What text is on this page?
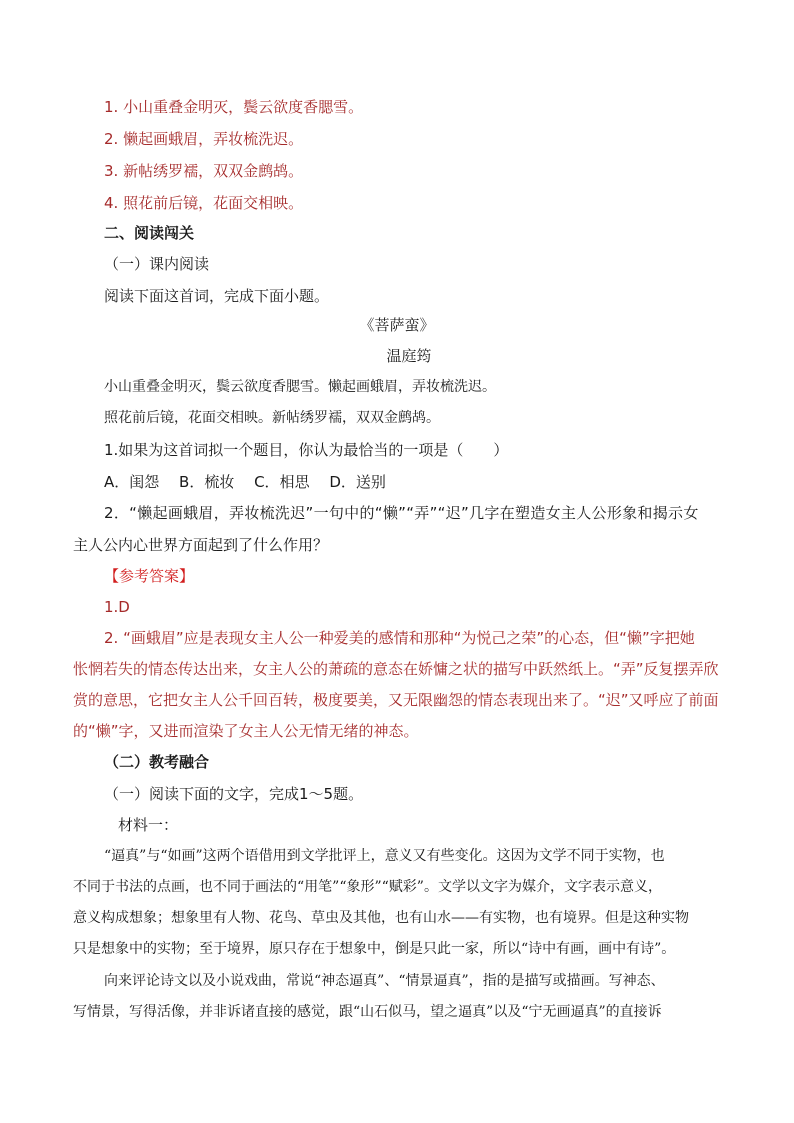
1. 小山重叠金明灭，鬓云欲度香腮雪。
2. 懒起画蛾眉，弄妆梳洗迟。
3. 新帖绣罗襦，双双金鹧鸪。
4. 照花前后镜，花面交相映。
二、阅读闯关
（一）课内阅读
阅读下面这首词，完成下面小题。
《菩萨蛮》
温庭筠
小山重叠金明灭，鬓云欲度香腮雪。懒起画蛾眉，弄妆梳洗迟。
照花前后镜，花面交相映。新帖绣罗襦，双双金鹧鸪。
1.如果为这首词拟一个题目，你认为最恰当的一项是（　　）
A．闺怨　 B．梳妆　 C．相思　 D．送别
2．“懒起画蛾眉，弄妆梳洗迟”一句中的“懒”“弄”“迟”几字在塑造女主人公形象和揭示女
主人公内心世界方面起到了什么作用？
【参考答案】
1.D
2. “画蛾眉”应是表现女主人公一种爱美的感情和那种“为悦己之荣”的心态，但“懒”字把她
怅惘若失的情态传达出来，女主人公的萧疏的意态在娇慵之状的描写中跃然纸上。“弄”反复摆弄欣
赏的意思，它把女主人公千回百转，极度要美，又无限幽怨的情态表现出来了。“迟”又呼应了前面
的“懒”字，又进而渲染了女主人公无情无绪的神态。
（二）教考融合
（一）阅读下面的文字，完成1～5题。
材料一：
“逼真”与“如画”这两个语借用到文学批评上，意义又有些变化。这因为文学不同于实物，也
不同于书法的点画，也不同于画法的“用笔”“象形”“赋彩”。文学以文字为媒介，文字表示意义，
意义构成想象；想象里有人物、花鸟、草虫及其他，也有山水——有实物，也有境界。但是这种实物
只是想象中的实物；至于境界，原只存在于想象中，倒是只此一家，所以“诗中有画，画中有诗”。
向来评论诗文以及小说戏曲，常说“神态逼真”、“情景逼真”，指的是描写或描画。写神态、
写情景，写得活像，并非诉诸直接的感觉，跟“山石似马，望之逼真”以及“宁无画逼真”的直接诉
